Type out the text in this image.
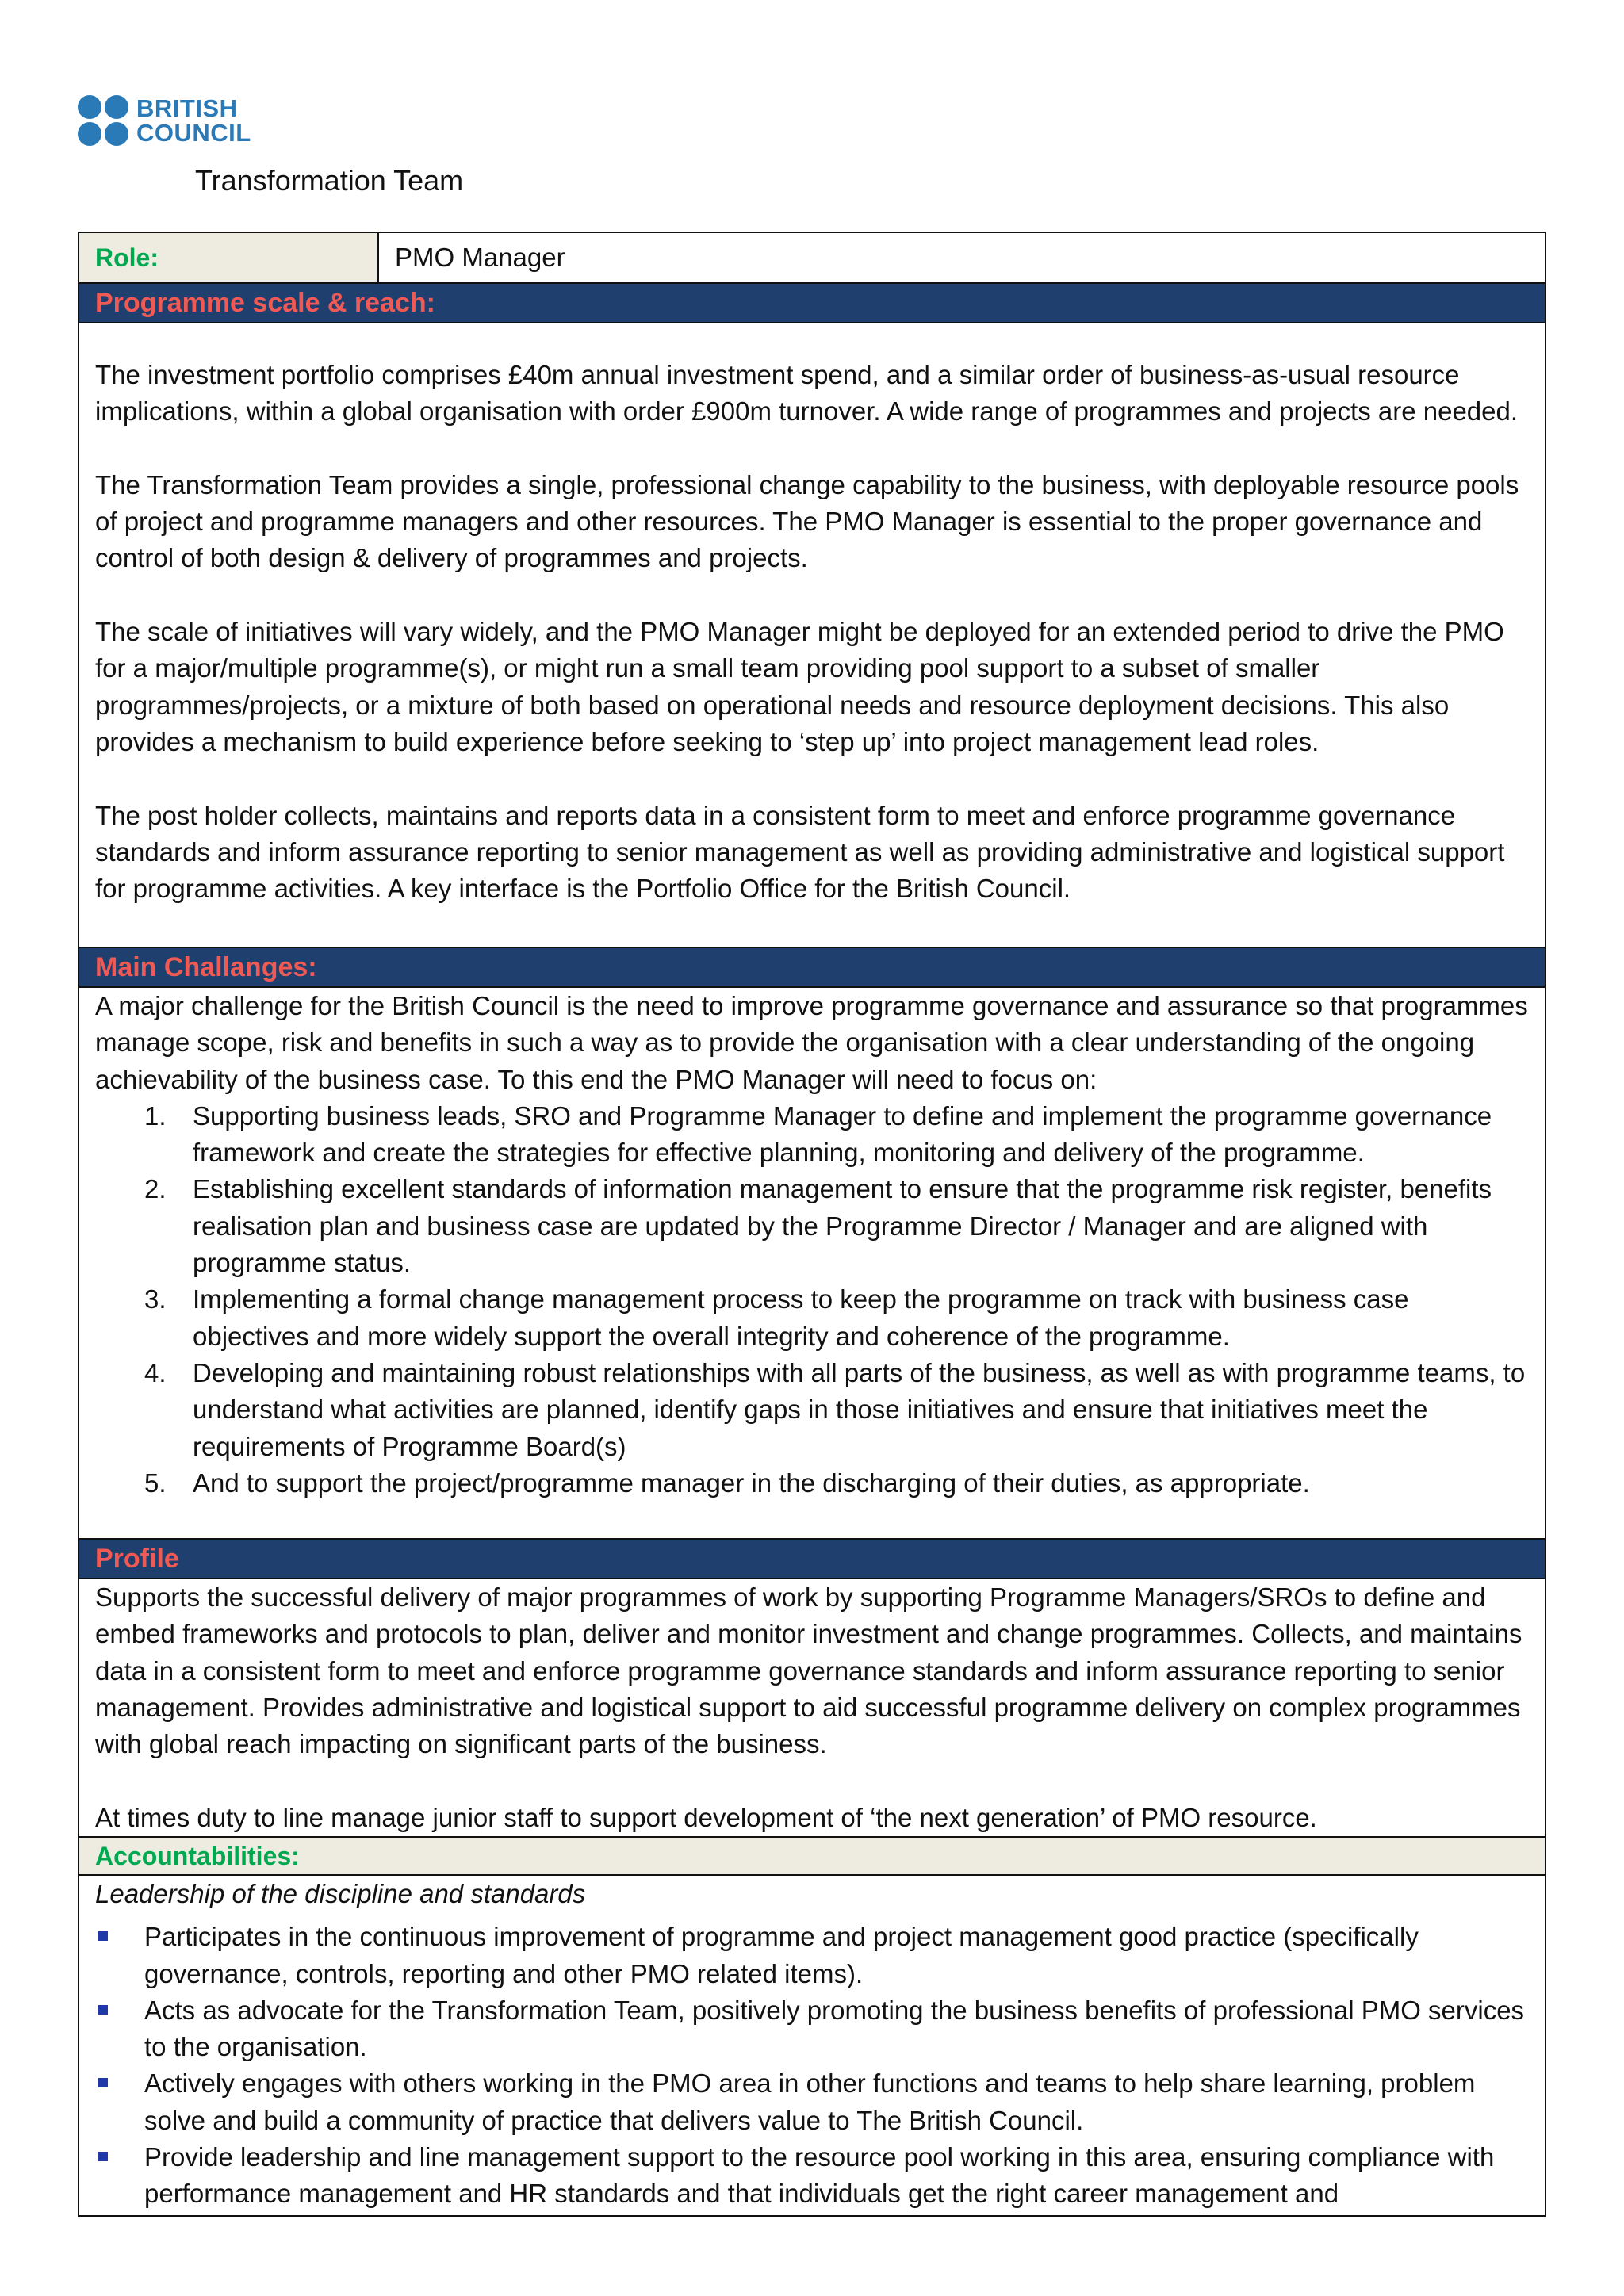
BRITISH
COUNCIL
Transformation Team
Role:	PMO Manager
Programme scale & reach:

The investment portfolio comprises £40m annual investment spend, and a similar order of business-as-usual resource implications, within a global organisation with order £900m turnover. A wide range of programmes and projects are needed.

The Transformation Team provides a single, professional change capability to the business, with deployable resource pools of project and programme managers and other resources. The PMO Manager is essential to the proper governance and control of both design & delivery of programmes and projects.

The scale of initiatives will vary widely, and the PMO Manager might be deployed for an extended period to drive the PMO for a major/multiple programme(s), or might run a small team providing pool support to a subset of smaller programmes/projects, or a mixture of both based on operational needs and resource deployment decisions. This also provides a mechanism to build experience before seeking to ‘step up’ into project management lead roles.

The post holder collects, maintains and reports data in a consistent form to meet and enforce programme governance standards and inform assurance reporting to senior management as well as providing administrative and logistical support for programme activities. A key interface is the Portfolio Office for the British Council.

Main Challanges:

A major challenge for the British Council is the need to improve programme governance and assurance so that programmes manage scope, risk and benefits in such a way as to provide the organisation with a clear understanding of the ongoing achievability of the business case. To this end the PMO Manager will need to focus on:

1. Supporting business leads, SRO and Programme Manager to define and implement the programme governance framework and create the strategies for effective planning, monitoring and delivery of the programme.
2. Establishing excellent standards of information management to ensure that the programme risk register, benefits realisation plan and business case are updated by the Programme Director / Manager and are aligned with programme status.
3. Implementing a formal change management process to keep the programme on track with business case objectives and more widely support the overall integrity and coherence of the programme.
4. Developing and maintaining robust relationships with all parts of the business, as well as with programme teams, to understand what activities are planned, identify gaps in those initiatives and ensure that initiatives meet the requirements of Programme Board(s)
5. And to support the project/programme manager in the discharging of their duties, as appropriate.
Profile

Supports the successful delivery of major programmes of work by supporting Programme Managers/SROs to define and embed frameworks and protocols to plan, deliver and monitor investment and change programmes. Collects, and maintains data in a consistent form to meet and enforce programme governance standards and inform assurance reporting to senior management. Provides administrative and logistical support to aid successful programme delivery on complex programmes with global reach impacting on significant parts of the business.

At times duty to line manage junior staff to support development of ‘the next generation’ of PMO resource.

Accountabilities:

Leadership of the discipline and standards

Participates in the continuous improvement of programme and project management good practice (specifically governance, controls, reporting and other PMO related items).
Acts as advocate for the Transformation Team, positively promoting the business benefits of professional PMO services to the organisation.
Actively engages with others working in the PMO area in other functions and teams to help share learning, problem solve and build a community of practice that delivers value to The British Council.
Provide leadership and line management support to the resource pool working in this area, ensuring compliance with performance management and HR standards and that individuals get the right career management and
